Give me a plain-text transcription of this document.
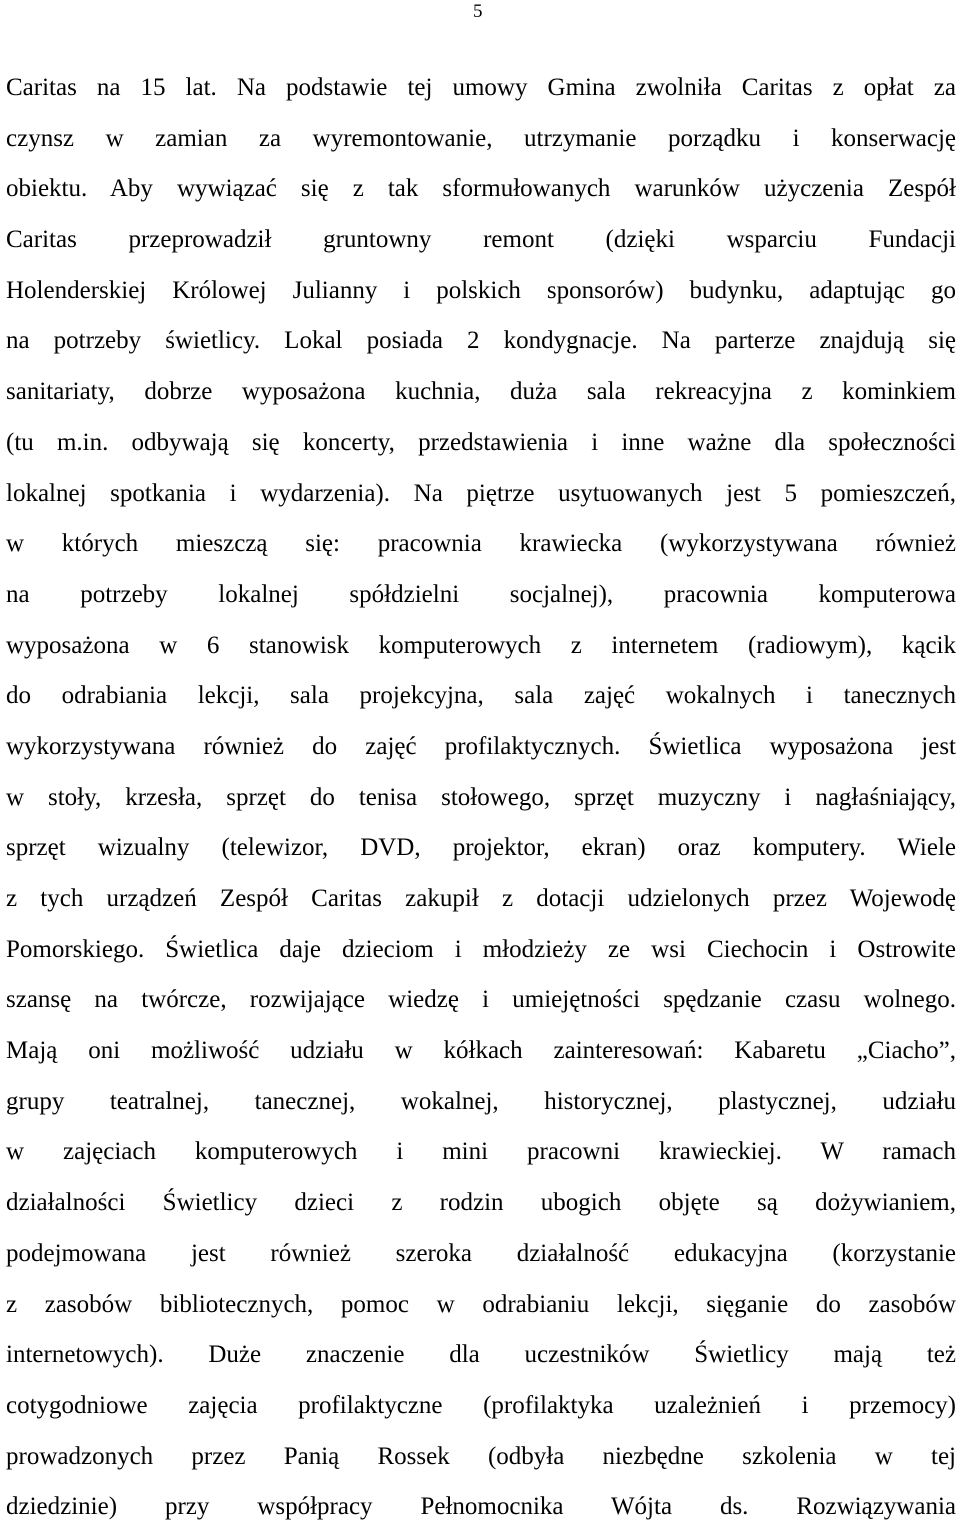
5
Caritas na 15 lat. Na podstawie tej umowy Gmina zwolniła Caritas z opłat za
czynsz w zamian za wyremontowanie, utrzymanie porządku i konserwację
obiektu. Aby wywiązać się z tak sformułowanych warunków użyczenia Zespół
Caritas przeprowadził gruntowny remont (dzięki wsparciu Fundacji
Holenderskiej Królowej Julianny i polskich sponsorów) budynku, adaptując go
na potrzeby świetlicy. Lokal posiada 2 kondygnacje. Na parterze znajdują się
sanitariaty, dobrze wyposażona kuchnia, duża sala rekreacyjna z kominkiem
(tu m.in. odbywają się koncerty, przedstawienia i inne ważne dla społeczności
lokalnej spotkania i wydarzenia). Na piętrze usytuowanych jest 5 pomieszczeń,
w których mieszczą się: pracownia krawiecka (wykorzystywana również
na potrzeby lokalnej spółdzielni socjalnej), pracownia komputerowa
wyposażona w 6 stanowisk komputerowych z internetem (radiowym), kącik
do odrabiania lekcji, sala projekcyjna, sala zajęć wokalnych i tanecznych
wykorzystywana również do zajęć profilaktycznych. Świetlica wyposażona jest
w stoły, krzesła, sprzęt do tenisa stołowego, sprzęt muzyczny i nagłaśniający,
sprzęt wizualny (telewizor, DVD, projektor, ekran) oraz komputery. Wiele
z tych urządzeń Zespół Caritas zakupił z dotacji udzielonych przez Wojewodę
Pomorskiego. Świetlica daje dzieciom i młodzieży ze wsi Ciechocin i Ostrowite
szansę na twórcze, rozwijające wiedzę i umiejętności spędzanie czasu wolnego.
Mają oni możliwość udziału w kółkach zainteresowań: Kabaretu „Ciacho”,
grupy teatralnej, tanecznej, wokalnej, historycznej, plastycznej, udziału
w zajęciach komputerowych i mini pracowni krawieckiej. W ramach
działalności Świetlicy dzieci z rodzin ubogich objęte są dożywianiem,
podejmowana jest również szeroka działalność edukacyjna (korzystanie
z zasobów bibliotecznych, pomoc w odrabianiu lekcji, sięganie do zasobów
internetowych). Duże znaczenie dla uczestników Świetlicy mają też
cotygodniowe zajęcia profilaktyczne (profilaktyka uzależnień i przemocy)
prowadzonych przez Panią Rossek (odbyła niezbędne szkolenia w tej
dziedzinie) przy współpracy Pełnomocnika Wójta ds. Rozwiązywania
